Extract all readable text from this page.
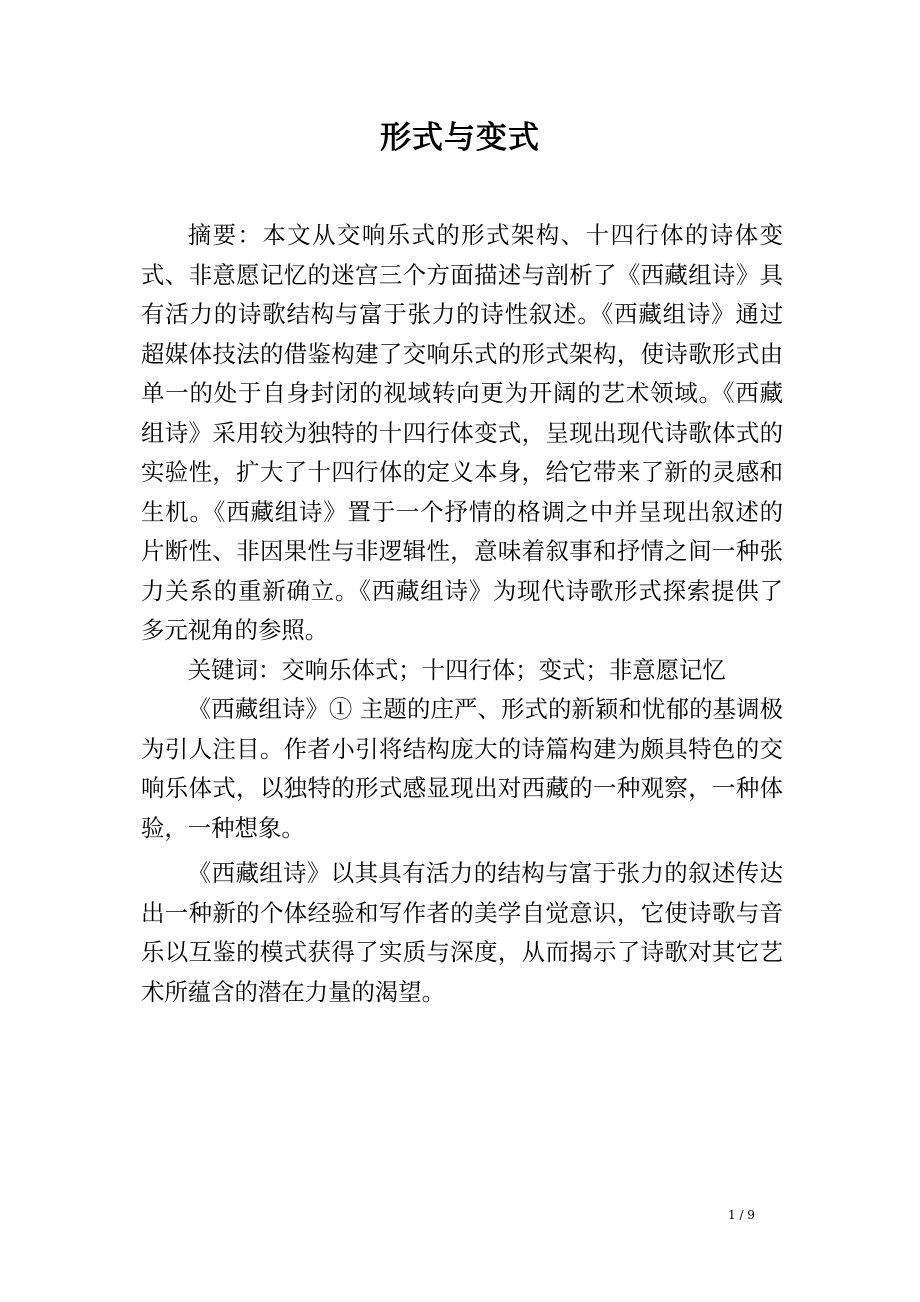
形式与变式

摘要：本文从交响乐式的形式架构、十四行体的诗体变式、非意愿记忆的迷宫三个方面描述与剖析了《西藏组诗》具有活力的诗歌结构与富于张力的诗性叙述。《西藏组诗》通过超媒体技法的借鉴构建了交响乐式的形式架构，使诗歌形式由单一的处于自身封闭的视域转向更为开阔的艺术领域。《西藏组诗》采用较为独特的十四行体变式，呈现出现代诗歌体式的实验性，扩大了十四行体的定义本身，给它带来了新的灵感和生机。《西藏组诗》置于一个抒情的格调之中并呈现出叙述的片断性、非因果性与非逻辑性，意味着叙事和抒情之间一种张力关系的重新确立。《西藏组诗》为现代诗歌形式探索提供了多元视角的参照。

关键词：交响乐体式；十四行体；变式；非意愿记忆

《西藏组诗》① 主题的庄严、形式的新颖和忧郁的基调极为引人注目。作者小引将结构庞大的诗篇构建为颇具特色的交响乐体式，以独特的形式感显现出对西藏的一种观察，一种体验，一种想象。

《西藏组诗》以其具有活力的结构与富于张力的叙述传达出一种新的个体经验和写作者的美学自觉意识，它使诗歌与音乐以互鉴的模式获得了实质与深度，从而揭示了诗歌对其它艺术所蕴含的潜在力量的渴望。

1 / 9
